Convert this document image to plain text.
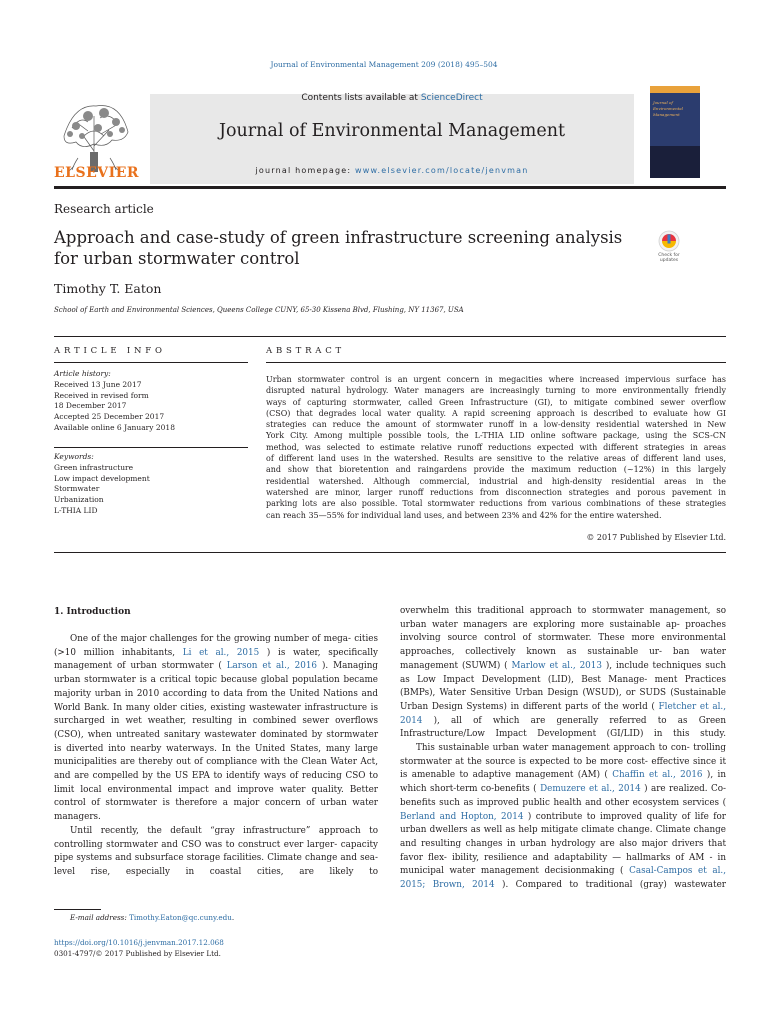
Journal of Environmental Management 209 (2018) 495–504
Contents lists available at ScienceDirect
Journal of Environmental Management
journal homepage: www.elsevier.com/locate/jenvman
ELSEVIER
Journal of
Environmental
Management
Research article
Approach and case-study of green infrastructure screening analysis for urban stormwater control	Check for
updates
Timothy T. Eaton
School of Earth and Environmental Sciences, Queens College CUNY, 65-30 Kissena Blvd, Flushing, NY 11367, USA
ARTICLE INFO	ABSTRACT
Article history:
Received 13 June 2017
Received in revised form
18 December 2017
Accepted 25 December 2017
Available online 6 January 2018
Keywords:
Green infrastructure
Low impact development
Stormwater
Urbanization
L-THIA LID
Urban stormwater control is an urgent concern in megacities where increased impervious surface has
disrupted natural hydrology. Water managers are increasingly turning to more environmentally friendly
ways of capturing stormwater, called Green Infrastructure (GI), to mitigate combined sewer overflow
(CSO) that degrades local water quality. A rapid screening approach is described to evaluate how GI
strategies can reduce the amount of stormwater runoff in a low-density residential watershed in New
York City. Among multiple possible tools, the L-THIA LID online software package, using the SCS-CN
method, was selected to estimate relative runoff reductions expected with different strategies in areas
of different land uses in the watershed. Results are sensitive to the relative areas of different land uses,
and show that bioretention and raingardens provide the maximum reduction (~12%) in this largely
residential watershed. Although commercial, industrial and high-density residential areas in the
watershed are minor, larger runoff reductions from disconnection strategies and porous pavement in
parking lots are also possible. Total stormwater reductions from various combinations of these strategies
can reach 35—55% for individual land uses, and between 23% and 42% for the entire watershed.
© 2017 Published by Elsevier Ltd.
1. Introduction

One of the major challenges for the growing number of mega- cities (>10 million inhabitants, Li et al., 2015 ) is water, specifically management of urban stormwater ( Larson et al., 2016 ). Managing urban stormwater is a critical topic because global population became majority urban in 2010 according to data from the United Nations and World Bank. In many older cities, existing wastewater infrastructure is surcharged in wet weather, resulting in combined sewer overflows (CSO), when untreated sanitary wastewater dominated by stormwater is diverted into nearby waterways. In the United States, many large municipalities are thereby out of compliance with the Clean Water Act, and are compelled by the US EPA to identify ways of reducing CSO to limit local environmental impact and improve water quality. Better control of stormwater is therefore a major concern of urban water managers.

Until recently, the default “gray infrastructure” approach to controlling stormwater and CSO was to construct ever larger- capacity pipe systems and subsurface storage facilities. Climate change and sea-level rise, especially in coastal cities, are likely to

overwhelm this traditional approach to stormwater management, so urban water managers are exploring more sustainable ap- proaches involving source control of stormwater. These more environmental approaches, collectively known as sustainable ur- ban water management (SUWM) ( Marlow et al., 2013 ), include techniques such as Low Impact Development (LID), Best Manage- ment Practices (BMPs), Water Sensitive Urban Design (WSUD), or SUDS (Sustainable Urban Design Systems) in different parts of the world ( Fletcher et al., 2014 ), all of which are generally referred to as Green Infrastructure/Low Impact Development (GI/LID) in this study.

This sustainable urban water management approach to con- trolling stormwater at the source is expected to be more cost- effective since it is amenable to adaptive management (AM) ( Chaffin et al., 2016 ), in which short-term co-benefits ( Demuzere et al., 2014 ) are realized. Co-benefits such as improved public health and other ecosystem services ( Berland and Hopton, 2014 ) contribute to improved quality of life for urban dwellers as well as help mitigate climate change. Climate change and resulting changes in urban hydrology are also major drivers that favor flex- ibility, resilience and adaptability — hallmarks of AM - in municipal water management decisionmaking ( Casal-Campos et al., 2015; Brown, 2014 ). Compared to traditional (gray) wastewater

E-mail address: Timothy.Eaton@qc.cuny.edu.
https://doi.org/10.1016/j.jenvman.2017.12.068
0301-4797/© 2017 Published by Elsevier Ltd.
